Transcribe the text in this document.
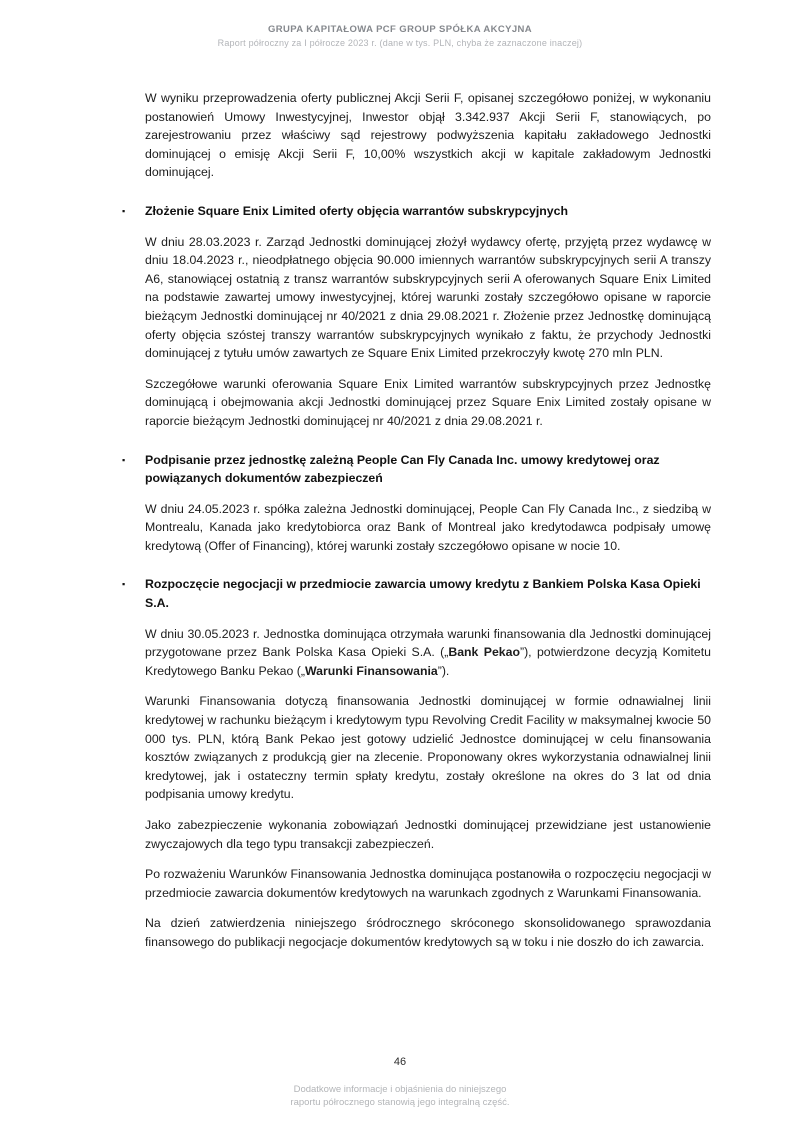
GRUPA KAPITAŁOWA PCF GROUP SPÓŁKA AKCYJNA
Raport półroczny za I półrocze 2023 r. (dane w tys. PLN, chyba że zaznaczone inaczej)

W wyniku przeprowadzenia oferty publicznej Akcji Serii F, opisanej szczegółowo poniżej, w wykonaniu postanowień Umowy Inwestycyjnej, Inwestor objął 3.342.937 Akcji Serii F, stanowiących, po zarejestrowaniu przez właściwy sąd rejestrowy podwyższenia kapitału zakładowego Jednostki dominującej o emisję Akcji Serii F, 10,00% wszystkich akcji w kapitale zakładowym Jednostki dominującej.

▪ Złożenie Square Enix Limited oferty objęcia warrantów subskrypcyjnych

W dniu 28.03.2023 r. Zarząd Jednostki dominującej złożył wydawcy ofertę, przyjętą przez wydawcę w dniu 18.04.2023 r., nieodpłatnego objęcia 90.000 imiennych warrantów subskrypcyjnych serii A transzy A6, stanowiącej ostatnią z transz warrantów subskrypcyjnych serii A oferowanych Square Enix Limited na podstawie zawartej umowy inwestycyjnej, której warunki zostały szczegółowo opisane w raporcie bieżącym Jednostki dominującej nr 40/2021 z dnia 29.08.2021 r. Złożenie przez Jednostkę dominującą oferty objęcia szóstej transzy warrantów subskrypcyjnych wynikało z faktu, że przychody Jednostki dominującej z tytułu umów zawartych ze Square Enix Limited przekroczyły kwotę 270 mln PLN.

Szczegółowe warunki oferowania Square Enix Limited warrantów subskrypcyjnych przez Jednostkę dominującą i obejmowania akcji Jednostki dominującej przez Square Enix Limited zostały opisane w raporcie bieżącym Jednostki dominującej nr 40/2021 z dnia 29.08.2021 r.

▪ Podpisanie przez jednostkę zależną People Can Fly Canada Inc. umowy kredytowej oraz powiązanych dokumentów zabezpieczeń

W dniu 24.05.2023 r. spółka zależna Jednostki dominującej, People Can Fly Canada Inc., z siedzibą w Montrealu, Kanada jako kredytobiorca oraz Bank of Montreal jako kredytodawca podpisały umowę kredytową (Offer of Financing), której warunki zostały szczegółowo opisane w nocie 10.

▪ Rozpoczęcie negocjacji w przedmiocie zawarcia umowy kredytu z Bankiem Polska Kasa Opieki S.A.

W dniu 30.05.2023 r. Jednostka dominująca otrzymała warunki finansowania dla Jednostki dominującej przygotowane przez Bank Polska Kasa Opieki S.A. („Bank Pekao”), potwierdzone decyzją Komitetu Kredytowego Banku Pekao („Warunki Finansowania”).

Warunki Finansowania dotyczą finansowania Jednostki dominującej w formie odnawialnej linii kredytowej w rachunku bieżącym i kredytowym typu Revolving Credit Facility w maksymalnej kwocie 50 000 tys. PLN, którą Bank Pekao jest gotowy udzielić Jednostce dominującej w celu finansowania kosztów związanych z produkcją gier na zlecenie. Proponowany okres wykorzystania odnawialnej linii kredytowej, jak i ostateczny termin spłaty kredytu, zostały określone na okres do 3 lat od dnia podpisania umowy kredytu.

Jako zabezpieczenie wykonania zobowiązań Jednostki dominującej przewidziane jest ustanowienie zwyczajowych dla tego typu transakcji zabezpieczeń.

Po rozważeniu Warunków Finansowania Jednostka dominująca postanowiła o rozpoczęciu negocjacji w przedmiocie zawarcia dokumentów kredytowych na warunkach zgodnych z Warunkami Finansowania.

Na dzień zatwierdzenia niniejszego śródrocznego skróconego skonsolidowanego sprawozdania finansowego do publikacji negocjacje dokumentów kredytowych są w toku i nie doszło do ich zawarcia.

46
Dodatkowe informacje i objaśnienia do niniejszego
raportu półrocznego stanowią jego integralną część.
